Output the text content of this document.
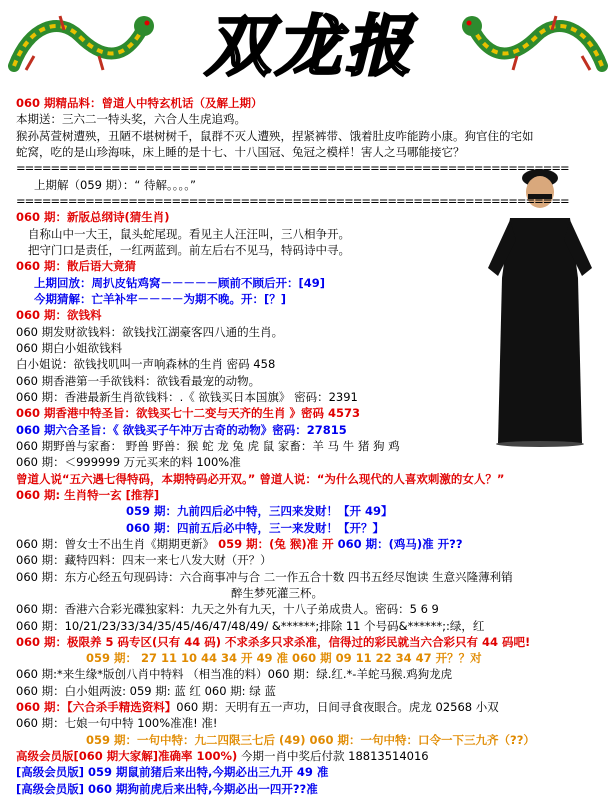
双龙报
060 期精品料：曾道人中特玄机话（及解上期）
本期送：三六二一特头奖，六合人生虎追鸡。
猴孙莴萱树遭殃，丑陋不堪树树千，鼠群不灭人遭殃，捏紧裤带、饿着肚皮咋能跨小康。狗官住的宅如
蛇窝，吃的是山珍海味，床上睡的是十七、十八国冠、兔冠之模样！害人之马哪能接它？
================================================================
上期解（059 期）：“ 待解。。。。”
================================================================
060 期：新版总纲诗(猜生肖)
自称山中一大王，鼠头蛇尾现。看见主人汪汪叫，三八相争开。
把守门口是责任，一红两蓝到。前左后右不见马，特码诗中寻。
060 期：散后语大竟猜
上期回放：周扒皮钻鸡窝－－－－－顾前不顾后开：[49]
今期猜解：亡羊补牢－－－－为期不晚。开：[？]
060 期：欲钱料
060 期发财欲钱料：欲钱找江湖豪客四八通的生肖。
060 期白小姐欲钱料
白小姐说：欲钱找叽叫一声响森林的生肖 密码 458
060 期香港第一手欲钱料：欲钱看最宠的动物。
060 期：香港最新生肖欲钱料：.《 欲钱买日本国旗》 密码：2391
060 期香港中特圣旨：欲钱买七十二变与天齐的生肖 》密码 4573
060 期六合圣旨：《 欲钱买子午冲万古奇的动物》密码：27815
060 期野兽与家畜： 野兽 野兽：猴 蛇 龙 兔 虎 鼠 家畜：羊 马 牛 猪 狗 鸡
060 期：＜999999 万元买来的料 100%准
曾道人说“五六遇七得特码，本期特码必开双。” 曾道人说：“为什么现代的人喜欢刺激的女人？”
060 期: 生肖特一玄 [推荐]
059 期：九前四后必中特，三四来发财！【开 49】
060 期：四前五后必中特，三一来发财！【开？】
060 期：曾女士不出生肖《期期更新》 059 期：(兔 猴)准 开 060 期：(鸡马)准 开??
060 期：藏特四料：四末一来七八发大财（开？）
060 期：东方心经五句现码诗：六合商事冲与合 二一作五合十数 四书五经尽饱读 生意兴隆薄利销
醉生梦死灌三杯。
060 期：香港六合彩光碟独家料：九天之外有九天，十八子弟成贵人。密码：5 6 9
060 期：10/21/23/33/34/35/45/46/47/48/49/ &******;排除 11 个号码&******;:绿，红
060 期：极限养 5 码专区(只有 44 码) 不求杀多只求杀准，信得过的彩民就当六合彩只有 44 码吧!
059 期： 27 11 10 44 34 开 49 准 060 期 09 11 22 34 47 开？？对
060 期:*来生缘*版创八肖中特料 （相当准的料）060 期：绿.红.*-羊蛇马猴.鸡狗龙虎
060 期：白小姐两波: 059 期: 蓝 红 060 期: 绿 蓝
060 期：【六合杀手精选资料】060 期：天明有五一声功，日间寻食夜眼合。虎龙 02568 小双
060 期：七娘一句中特 100%准准! 准!
059 期：一句中特：九二四限三七后 (49) 060 期：一句中特：口令一下三九齐（??）
高级会员版[060 期大家解]准确率 100%) 今期一肖中奖后付款 18813514016
[高级会员版] 059 期鼠前猪后来出特,今期必出三九开 49 准
[高级会员版] 060 期狗前虎后来出特,今期必出一四开??准
